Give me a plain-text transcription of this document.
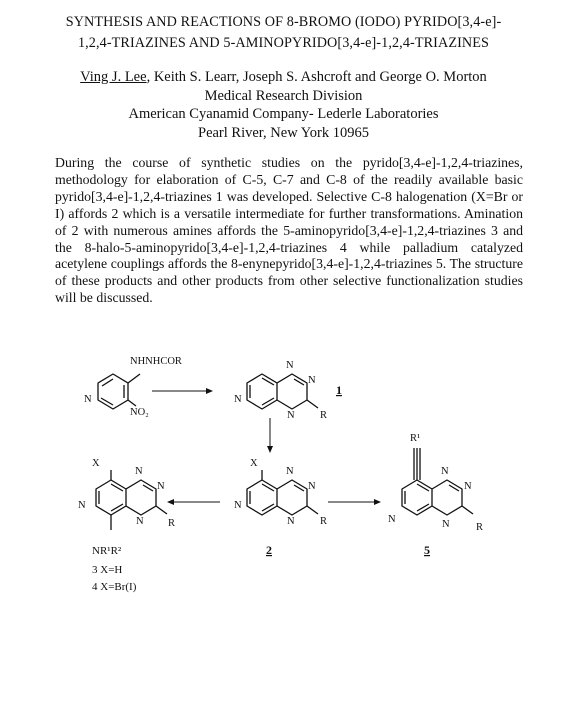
SYNTHESIS AND REACTIONS OF 8-BROMO (IODO) PYRIDO[3,4-e]-
1,2,4-TRIAZINES AND 5-AMINOPYRIDO[3,4-e]-1,2,4-TRIAZINES
Ving J. Lee, Keith S. Learr, Joseph S. Ashcroft and George O. Morton
Medical Research Division
American Cyanamid Company- Lederle Laboratories
Pearl River, New York 10965

During the course of synthetic studies on the pyrido[3,4-e]-1,2,4-triazines, methodology for elaboration of C-5, C-7 and C-8 of the readily available basic pyrido[3,4-e]-1,2,4-triazines 1 was developed. Selective C-8 halogenation (X=Br or I) affords 2 which is a versatile intermediate for further transformations. Amination of 2 with numerous amines affords the 5-aminopyrido[3,4-e]-1,2,4-triazines 3 and the 8-halo-5-aminopyrido[3,4-e]-1,2,4-triazines 4 while palladium catalyzed acetylene couplings affords the 8-enynepyrido[3,4-e]-1,2,4-triazines 5. The structure of these products and other products from other selective functionalization studies will be discussed.

NHNHCOR
N
NO₂
N
N
N
N R
1
X
N
N
N
N R
2
X
N
N
N
N R
NR¹R²
3 X=H
4 X=Br(I)
R¹
N
N
N
N	R
5
